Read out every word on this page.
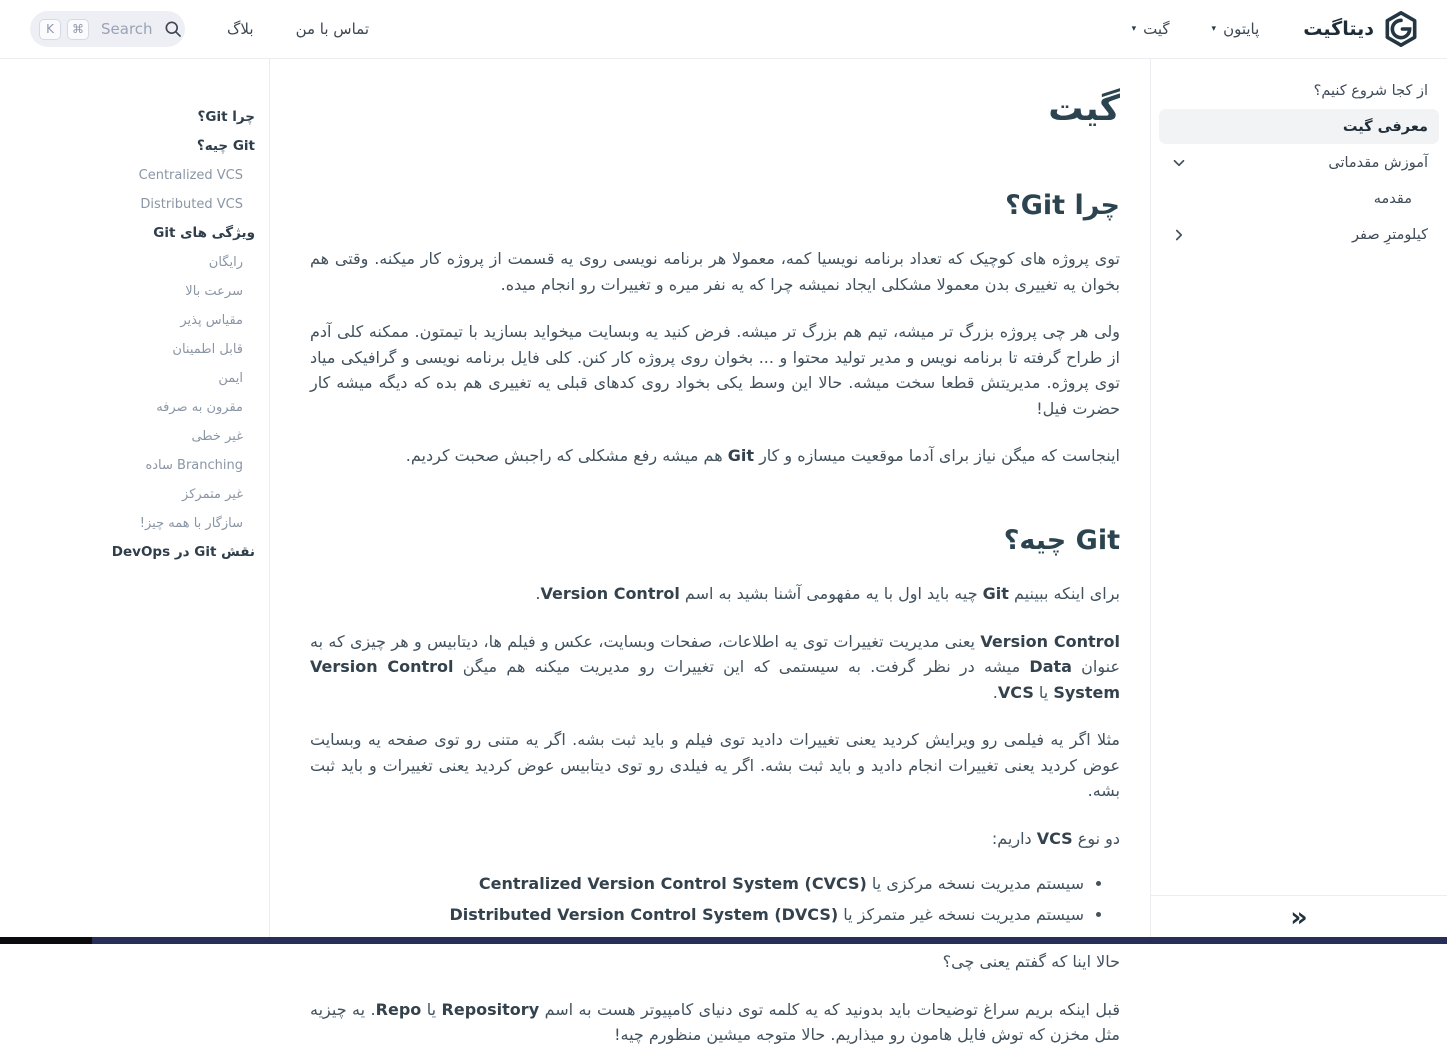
دیتاگیت
پایتون
▾
گیت
▾
تماس با من
بلاگ
K	⌘	Search
از کجا شروع کنیم؟
معرفی گیت
آموزش مقدماتی
مقدمه
کیلومترِ صفر
»
گیت
چرا Git؟

توی پروژه های کوچیک که تعداد برنامه نویسیا کمه، معمولا هر برنامه نویسی روی یه قسمت از پروژه کار میکنه. وقتی هم بخوان یه تغییری بدن معمولا مشکلی ایجاد نمیشه چرا که یه نفر میره و تغییرات رو انجام میده.

ولی هر چی پروژه بزرگ تر میشه، تیم هم بزرگ تر میشه. فرض کنید یه وبسایت میخواید بسازید با تیمتون. ممکنه کلی آدم از طراح گرفته تا برنامه نویس و مدیر تولید محتوا و ... بخوان روی پروژه کار کنن. کلی فایل برنامه نویسی و گرافیکی میاد توی پروژه. مدیریتش قطعا سخت میشه. حالا این وسط یکی بخواد روی کدهای قبلی یه تغییری هم بده که دیگه میشه کار حضرت فیل!

اینجاست که میگن نیاز برای آدما موقعیت میسازه و کار Git هم میشه رفع مشکلی که راجبش صحبت کردیم.

Git چیه؟

برای اینکه ببینیم Git چیه باید اول با یه مفهومی آشنا بشید به اسم Version Control.

Version Control یعنی مدیریت تغییرات توی یه اطلاعات، صفحات وبسایت، عکس و فیلم ها، دیتابیس و هر چیزی که به عنوان Data میشه در نظر گرفت. به سیستمی که این تغییرات رو مدیریت میکنه هم میگن Version Control System یا VCS.

مثلا اگر یه فیلمی رو ویرایش کردید یعنی تغییرات دادید توی فیلم و باید ثبت بشه. اگر یه متنی رو توی صفحه یه وبسایت عوض کردید یعنی تغییرات انجام دادید و باید ثبت بشه. اگر یه فیلدی رو توی دیتابیس عوض کردید یعنی تغییرات و باید ثبت بشه.

دو نوع VCS داریم:

• سیستم مدیریت نسخه مرکزی یا Centralized Version Control System (CVCS)
• سیستم مدیریت نسخه غیر متمرکز یا Distributed Version Control System (DVCS)

حالا اینا که گفتم یعنی چی؟

قبل اینکه بریم سراغ توضیحات باید بدونید که یه کلمه توی دنیای کامپیوتر هست به اسم Repository یا Repo. یه چیزیه مثل مخزن که توش فایل هامون رو میذاریم. حالا متوجه میشین منظورم چیه!

چرا Git؟
Git چیه؟
Centralized VCS
Distributed VCS
ویژگی های Git
رایگان
سرعت بالا
مقیاس پذیر
قابل اطمینان
ایمن
مقرون به صرفه
غیر خطی
Branching ساده
غیر متمرکز
سازگار با همه چیز!
نقش Git در DevOps
